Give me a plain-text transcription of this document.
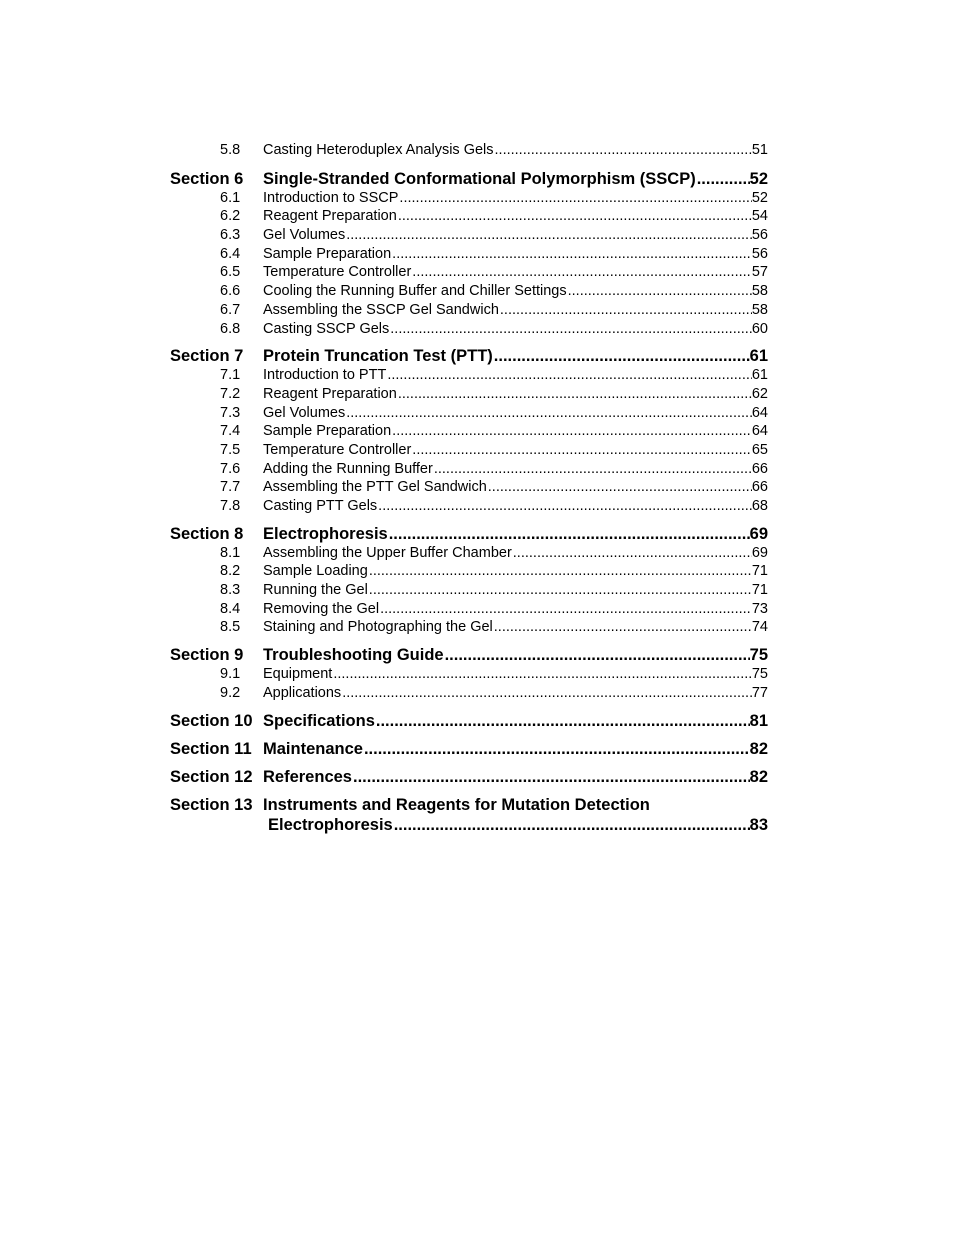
5.8	Casting Heteroduplex Analysis Gels .....	51
Section 6	Single-Stranded Conformational Polymorphism (SSCP) .....	52
6.1	Introduction to SSCP .....	52
6.2	Reagent Preparation .....	54
6.3	Gel Volumes .....	56
6.4	Sample Preparation .....	56
6.5	Temperature Controller .....	57
6.6	Cooling the Running Buffer and Chiller Settings .....	58
6.7	Assembling the SSCP Gel Sandwich .....	58
6.8	Casting SSCP Gels .....	60
Section 7	Protein Truncation Test (PTT) .....	61
7.1	Introduction to PTT .....	61
7.2	Reagent Preparation .....	62
7.3	Gel Volumes .....	64
7.4	Sample Preparation .....	64
7.5	Temperature Controller .....	65
7.6	Adding the Running Buffer .....	66
7.7	Assembling the PTT Gel Sandwich .....	66
7.8	Casting PTT Gels .....	68
Section 8	Electrophoresis .....	69
8.1	Assembling the Upper Buffer Chamber .....	69
8.2	Sample Loading .....	71
8.3	Running the Gel .....	71
8.4	Removing the Gel .....	73
8.5	Staining and Photographing the Gel .....	74
Section 9	Troubleshooting Guide .....	75
9.1	Equipment .....	75
9.2	Applications .....	77
Section 10 Specifications .....	81
Section 11 Maintenance .....	82
Section 12 References .....	82
Section 13 Instruments and Reagents for Mutation Detection
Electrophoresis .....	83
